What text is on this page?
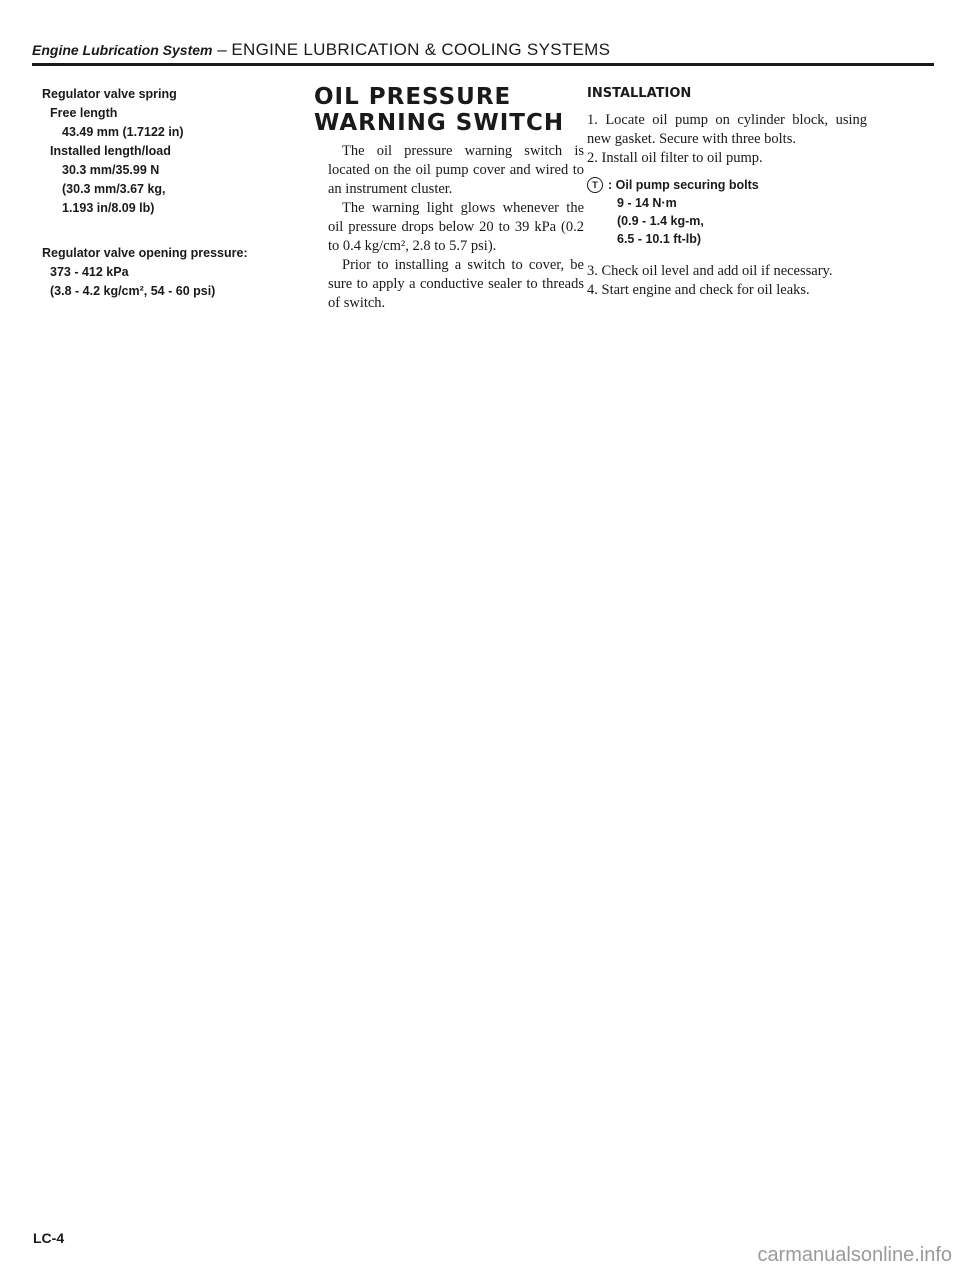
Engine Lubrication System – ENGINE LUBRICATION & COOLING SYSTEMS
Regulator valve spring
Free length
43.49 mm (1.7122 in)
Installed length/load
30.3 mm/35.99 N
(30.3 mm/3.67 kg,
1.193 in/8.09 lb)
Regulator valve opening pressure:
373 - 412 kPa
(3.8 - 4.2 kg/cm², 54 - 60 psi)
OIL PRESSURE
WARNING SWITCH

The oil pressure warning switch is located on the oil pump cover and wired to an instrument cluster.

The warning light glows whenever the oil pressure drops below 20 to 39 kPa (0.2 to 0.4 kg/cm², 2.8 to 5.7 psi).

Prior to installing a switch to cover, be sure to apply a conductive sealer to threads of switch.

INSTALLATION

1. Locate oil pump on cylinder block, using new gasket. Secure with three bolts.

2. Install oil filter to oil pump.

T : Oil pump securing bolts
9 - 14 N·m
(0.9 - 1.4 kg-m,
6.5 - 10.1 ft-lb)

3. Check oil level and add oil if necessary.

4. Start engine and check for oil leaks.

LC-4
carmanualsonline.info
